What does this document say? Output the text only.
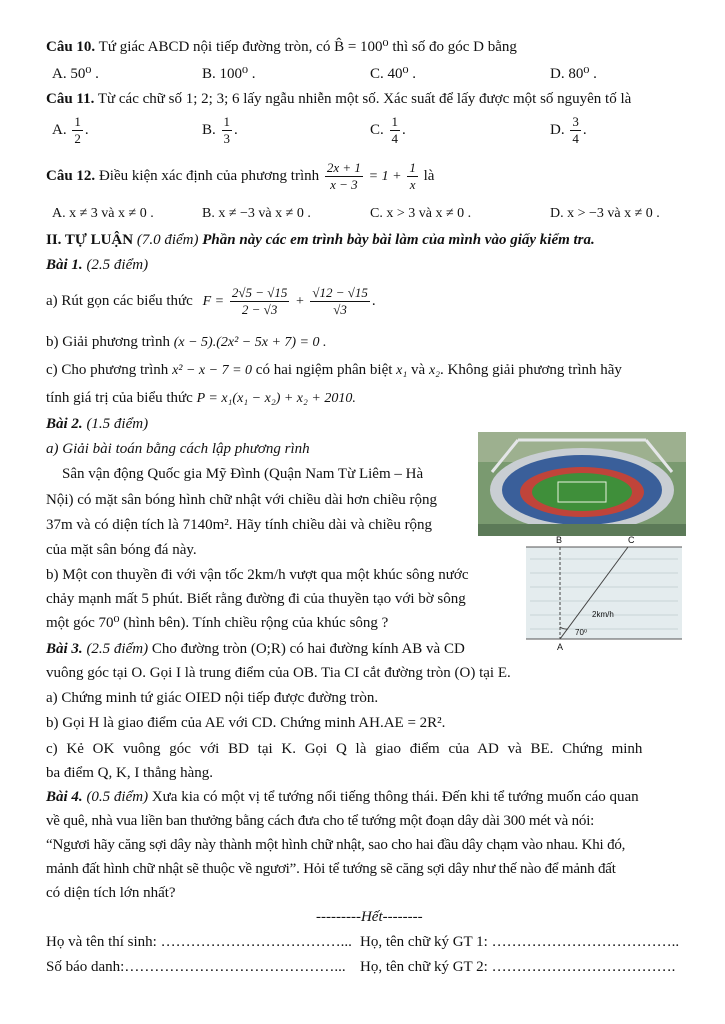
Câu 10. Tứ giác ABCD nội tiếp đường tròn, có B̂ = 100⁰ thì số đo góc D bằng
A. 50⁰ .	B. 100⁰ .	C. 40⁰ .	D. 80⁰ .
Câu 11. Từ các chữ số 1; 2; 3; 6 lấy ngẫu nhiễn một số. Xác suất để lấy được một số nguyên tố là
A. $\frac{1}{2}$ .	B. $\frac{1}{3}$ .	C. $\frac{1}{4}$ .	D. $\frac{3}{4}$ .
Câu 12. Điều kiện xác định của phương trình $\frac{2x + 1}{x - 3} = 1 + \frac{1}{x}$ là
A. x ≠ 3 và x ≠ 0 .	B. x ≠ −3 và x ≠ 0 .	C. x > 3 và x ≠ 0 .	D. x > −3 và x ≠ 0 .
II. TỰ LUẬN (7.0 điểm) Phần này các em trình bày bài làm của mình vào giấy kiểm tra.
Bài 1. (2.5 điểm)
a) Rút gọn các biểu thức $F = \frac{2√5 - √15}{2 - √3} + \frac{√12 - √15}{√3}$ .
b) Giải phương trình (x − 5).(2x² − 5x + 7) = 0 .
c) Cho phương trình x² − x − 7 = 0 có hai ngiệm phân biệt x₁ và x₂. Không giải phương trình hãy
tính giá trị của biểu thức P = x₁(x₁ − x₂) + x₂ + 2010.
Bài 2. (1.5 điểm)
a) Giải bài toán bằng cách lập phương rình
Sân vận động Quốc gia Mỹ Đình (Quận Nam Từ Liêm – Hà
Nội) có mặt sân bóng hình chữ nhật với chiều dài hơn chiều rộng
37m và có diện tích là 7140m². Hãy tính chiều dài và chiều rộng
của mặt sân bóng đá này.
b) Một con thuyền đi với vận tốc 2km/h vượt qua một khúc sông nước
chảy mạnh mất 5 phút. Biết rằng đường đi của thuyền tạo với bờ sông
một góc 70⁰ (hình bên). Tính chiều rộng của khúc sông ?
B	C
A
2km/h
70⁰
Bài 3. (2.5 điểm) Cho đường tròn (O;R) có hai đường kính AB và CD
vuông góc tại O. Gọi I là trung điểm của OB. Tia CI cắt đường tròn (O) tại E.
a) Chứng minh tứ giác OIED nội tiếp được đường tròn.
b) Gọi H là giao điểm của AE với CD. Chứng minh AH.AE = 2R².
c) Kẻ OK vuông góc với BD tại K. Gọi Q là giao điểm của AD và BE. Chứng minh
ba điểm Q, K, I thẳng hàng.
Bài 4. (0.5 điểm) Xưa kia có một vị tể tướng nổi tiếng thông thái. Đến khi tể tướng muốn cáo quan
về quê, nhà vua liền ban thưởng bằng cách đưa cho tể tướng một đoạn dây dài 300 mét và nói:
“Ngươi hãy căng sợi dây này thành một hình chữ nhật, sao cho hai đầu dây chạm vào nhau. Khi đó,
mảnh đất hình chữ nhật sẽ thuộc về ngươi”. Hỏi tể tướng sẽ căng sợi dây như thế nào để mảnh đất
có diện tích lớn nhất?
---------Hết--------
Họ và tên thí sinh: ………………………………... Họ, tên chữ ký GT 1: ………………………………..
Số báo danh:……………………………………... Họ, tên chữ ký GT 2: ……………………………….
